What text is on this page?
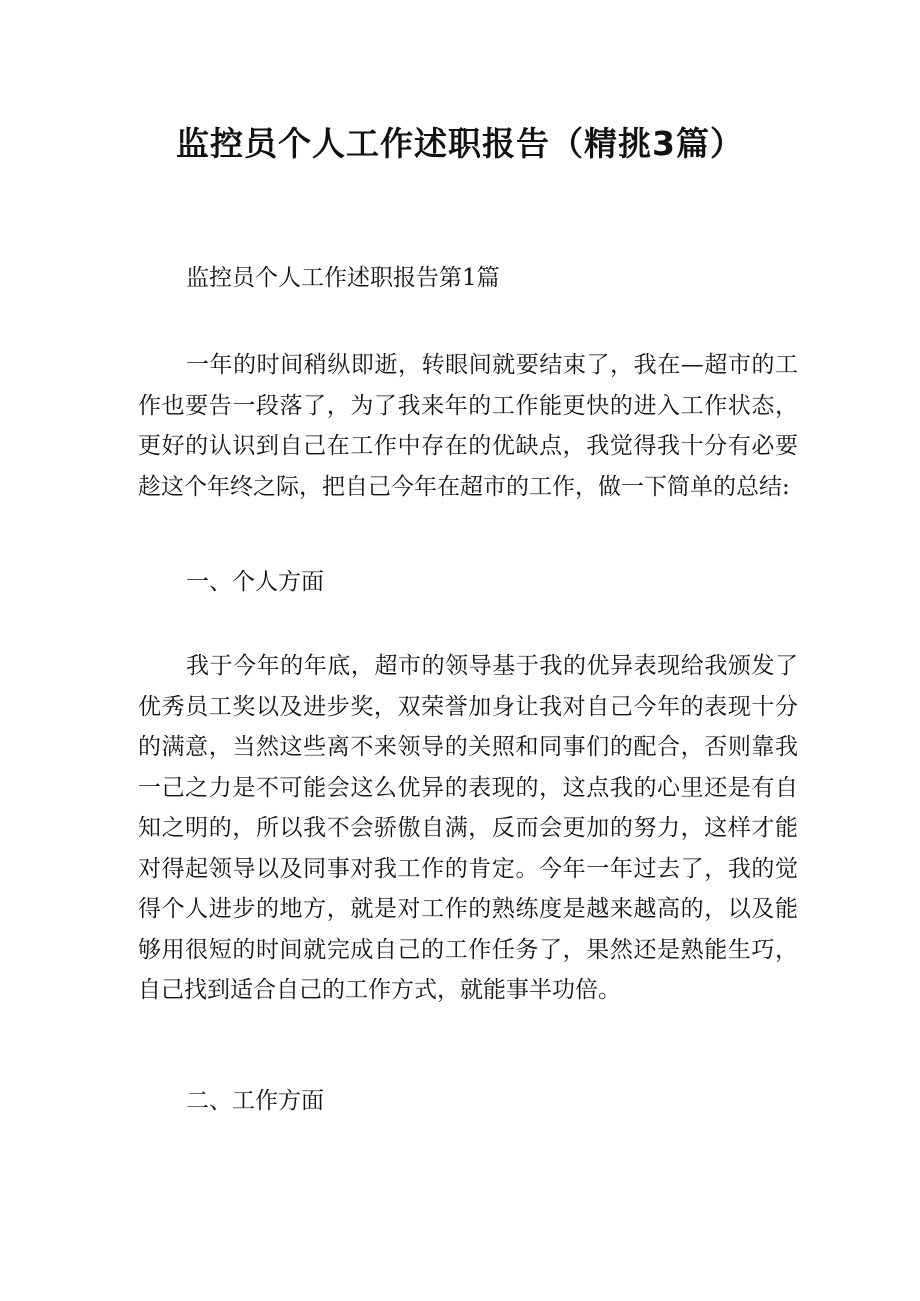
监控员个人工作述职报告（精挑3篇）

监控员个人工作述职报告第1篇

一年的时间稍纵即逝，转眼间就要结束了，我在—超市的工作也要告一段落了，为了我来年的工作能更快的进入工作状态，更好的认识到自己在工作中存在的优缺点，我觉得我十分有必要趁这个年终之际，把自己今年在超市的工作，做一下简单的总结:

一、个人方面

我于今年的年底，超市的领导基于我的优异表现给我颁发了优秀员工奖以及进步奖，双荣誉加身让我对自己今年的表现十分的满意，当然这些离不来领导的关照和同事们的配合，否则靠我一己之力是不可能会这么优异的表现的，这点我的心里还是有自知之明的，所以我不会骄傲自满，反而会更加的努力，这样才能对得起领导以及同事对我工作的肯定。今年一年过去了，我的觉得个人进步的地方，就是对工作的熟练度是越来越高的，以及能够用很短的时间就完成自己的工作任务了，果然还是熟能生巧，自己找到适合自己的工作方式，就能事半功倍。

二、工作方面
